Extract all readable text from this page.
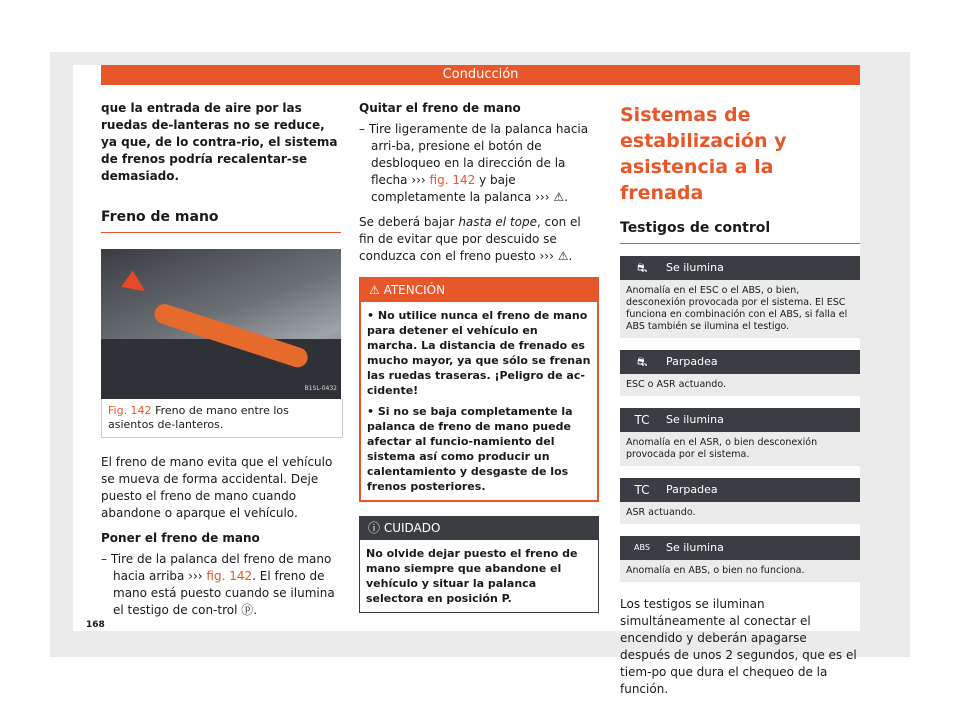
Conducción

que la entrada de aire por las ruedas de-lanteras no se reduce, ya que, de lo contra-rio, el sistema de frenos podría recalentar-se demasiado.

Freno de mano
B1SL-0432
Fig. 142 Freno de mano entre los asientos de-lanteros.

El freno de mano evita que el vehículo se mueva de forma accidental. Deje puesto el freno de mano cuando abandone o aparque el vehículo.

Poner el freno de mano

– Tire de la palanca del freno de mano hacia arriba ››› fig. 142. El freno de mano está puesto cuando se ilumina el testigo de con-trol ⓟ.

Quitar el freno de mano

– Tire ligeramente de la palanca hacia arri-ba, presione el botón de desbloqueo en la dirección de la flecha ››› fig. 142 y baje completamente la palanca ››› ⚠.

Se deberá bajar hasta el tope, con el fin de evitar que por descuido se conduzca con el freno puesto ››› ⚠.

⚠ ATENCIÓN

• No utilice nunca el freno de mano para detener el vehículo en marcha. La distancia de frenado es mucho mayor, ya que sólo se frenan las ruedas traseras. ¡Peligro de ac-cidente!

• Si no se baja completamente la palanca de freno de mano puede afectar al funcio-namiento del sistema así como producir un calentamiento y desgaste de los frenos posteriores.

ⓘ CUIDADO
No olvide dejar puesto el freno de mano siempre que abandone el vehículo y situar la palanca selectora en posición P.
Sistemas de estabilización y asistencia a la frenada
Testigos de control
⛐	Se ilumina
Anomalía en el ESC o el ABS, o bien, desconexión provocada por el sistema. El ESC funciona en combinación con el ABS, si falla el ABS también se ilumina el testigo.
⛐	Parpadea
ESC o ASR actuando.
TC Se ilumina
Anomalía en el ASR, o bien desconexión provocada por el sistema.
TC Parpadea
ASR actuando.
ABS Se ilumina
Anomalía en ABS, o bien no funciona.

Los testigos se iluminan simultáneamente al conectar el encendido y deberán apagarse después de unos 2 segundos, que es el tiem-po que dura el chequeo de la función.

168
